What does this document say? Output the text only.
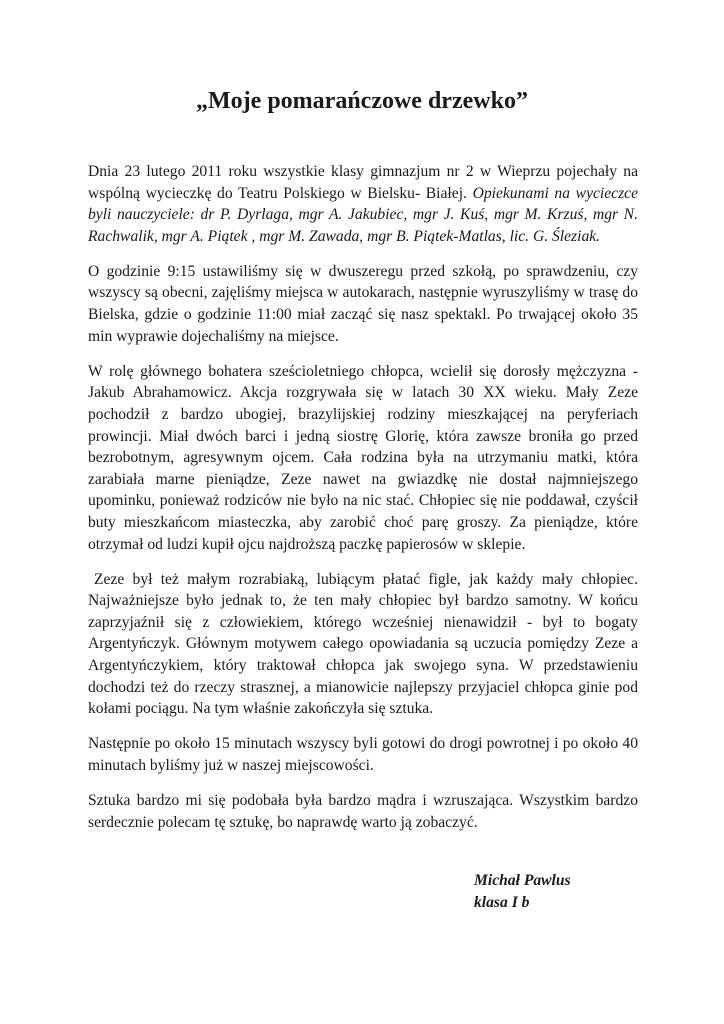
„Moje pomarańczowe drzewko”

Dnia 23 lutego 2011 roku wszystkie klasy gimnazjum nr 2 w Wieprzu pojechały na wspólną wycieczkę do Teatru Polskiego w Bielsku- Białej. Opiekunami na wycieczce byli nauczyciele: dr P. Dyrlaga, mgr A. Jakubiec, mgr J. Kuś, mgr M. Krzuś, mgr N. Rachwalik, mgr A. Piątek , mgr M. Zawada, mgr B. Piątek-Matlas, lic. G. Śleziak.

O godzinie 9:15 ustawiliśmy się w dwuszeregu przed szkołą, po sprawdzeniu, czy wszyscy są obecni, zajęliśmy miejsca w autokarach, następnie wyruszyliśmy w trasę do Bielska, gdzie o godzinie 11:00 miał zacząć się nasz spektakl. Po trwającej około 35 min wyprawie dojechaliśmy na miejsce.

W rolę głównego bohatera sześcioletniego chłopca, wcielił się dorosły mężczyzna - Jakub Abrahamowicz. Akcja rozgrywała się w latach 30 XX wieku. Mały Zeze pochodził z bardzo ubogiej, brazylijskiej rodziny mieszkającej na peryferiach prowincji. Miał dwóch barci i jedną siostrę Glorię, która zawsze broniła go przed bezrobotnym, agresywnym ojcem. Cała rodzina była na utrzymaniu matki, która zarabiała marne pieniądze, Zeze nawet na gwiazdkę nie dostał najmniejszego upominku, ponieważ rodziców nie było na nic stać. Chłopiec się nie poddawał, czyścił buty mieszkańcom miasteczka, aby zarobić choć parę groszy. Za pieniądze, które otrzymał od ludzi kupił ojcu najdroższą paczkę papierosów w sklepie.

Zeze był też małym rozrabiaką, lubiącym płatać figle, jak każdy mały chłopiec. Najważniejsze było jednak to, że ten mały chłopiec był bardzo samotny. W końcu zaprzyjaźnił się z człowiekiem, którego wcześniej nienawidził - był to bogaty Argentyńczyk. Głównym motywem całego opowiadania są uczucia pomiędzy Zeze a Argentyńczykiem, który traktował chłopca jak swojego syna. W przedstawieniu dochodzi też do rzeczy strasznej, a mianowicie najlepszy przyjaciel chłopca ginie pod kołami pociągu. Na tym właśnie zakończyła się sztuka.

Następnie po około 15 minutach wszyscy byli gotowi do drogi powrotnej i po około 40 minutach byliśmy już w naszej miejscowości.

Sztuka bardzo mi się podobała była bardzo mądra i wzruszająca. Wszystkim bardzo serdecznie polecam tę sztukę, bo naprawdę warto ją zobaczyć.

Michał Pawlus
klasa I b
